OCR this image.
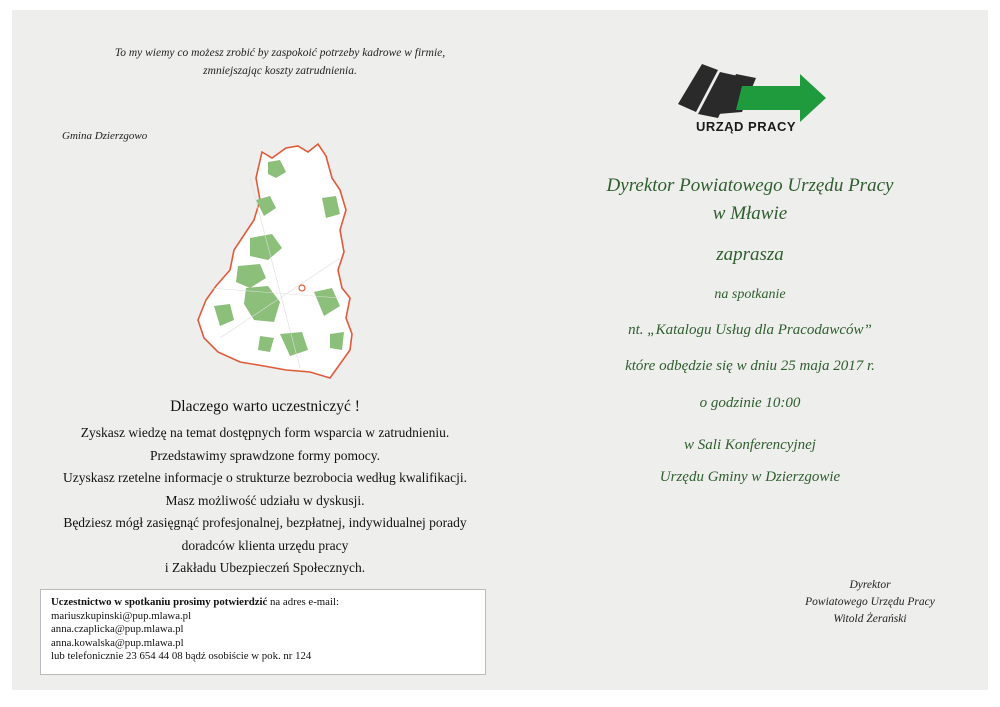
To my wiemy co możesz zrobić by zaspokoić potrzeby kadrowe w firmie,
zmniejszając koszty zatrudnienia.
Gmina Dzierzgowo
Dlaczego warto uczestniczyć !
Zyskasz wiedzę na temat dostępnych form wsparcia w zatrudnieniu.
Przedstawimy sprawdzone formy pomocy.
Uzyskasz rzetelne informacje o strukturze bezrobocia według kwalifikacji.
Masz możliwość udziału w dyskusji.
Będziesz mógł zasięgnąć profesjonalnej, bezpłatnej, indywidualnej porady
doradców klienta urzędu pracy
i Zakładu Ubezpieczeń Społecznych.
Uczestnictwo w spotkaniu prosimy potwierdzić na adres e-mail:
mariuszkupinski@pup.mlawa.pl
anna.czaplicka@pup.mlawa.pl
anna.kowalska@pup.mlawa.pl
lub telefonicznie 23 654 44 08 bądź osobiście w pok. nr 124
URZĄD PRACY
Dyrektor Powiatowego Urzędu Pracy
w Mławie
zaprasza
na spotkanie
nt. „Katalogu Usług dla Pracodawców”
które odbędzie się w dniu 25 maja 2017 r.
o godzinie 10:00
w Sali Konferencyjnej
Urzędu Gminy w Dzierzgowie
Dyrektor
Powiatowego Urzędu Pracy
Witold Żerański
